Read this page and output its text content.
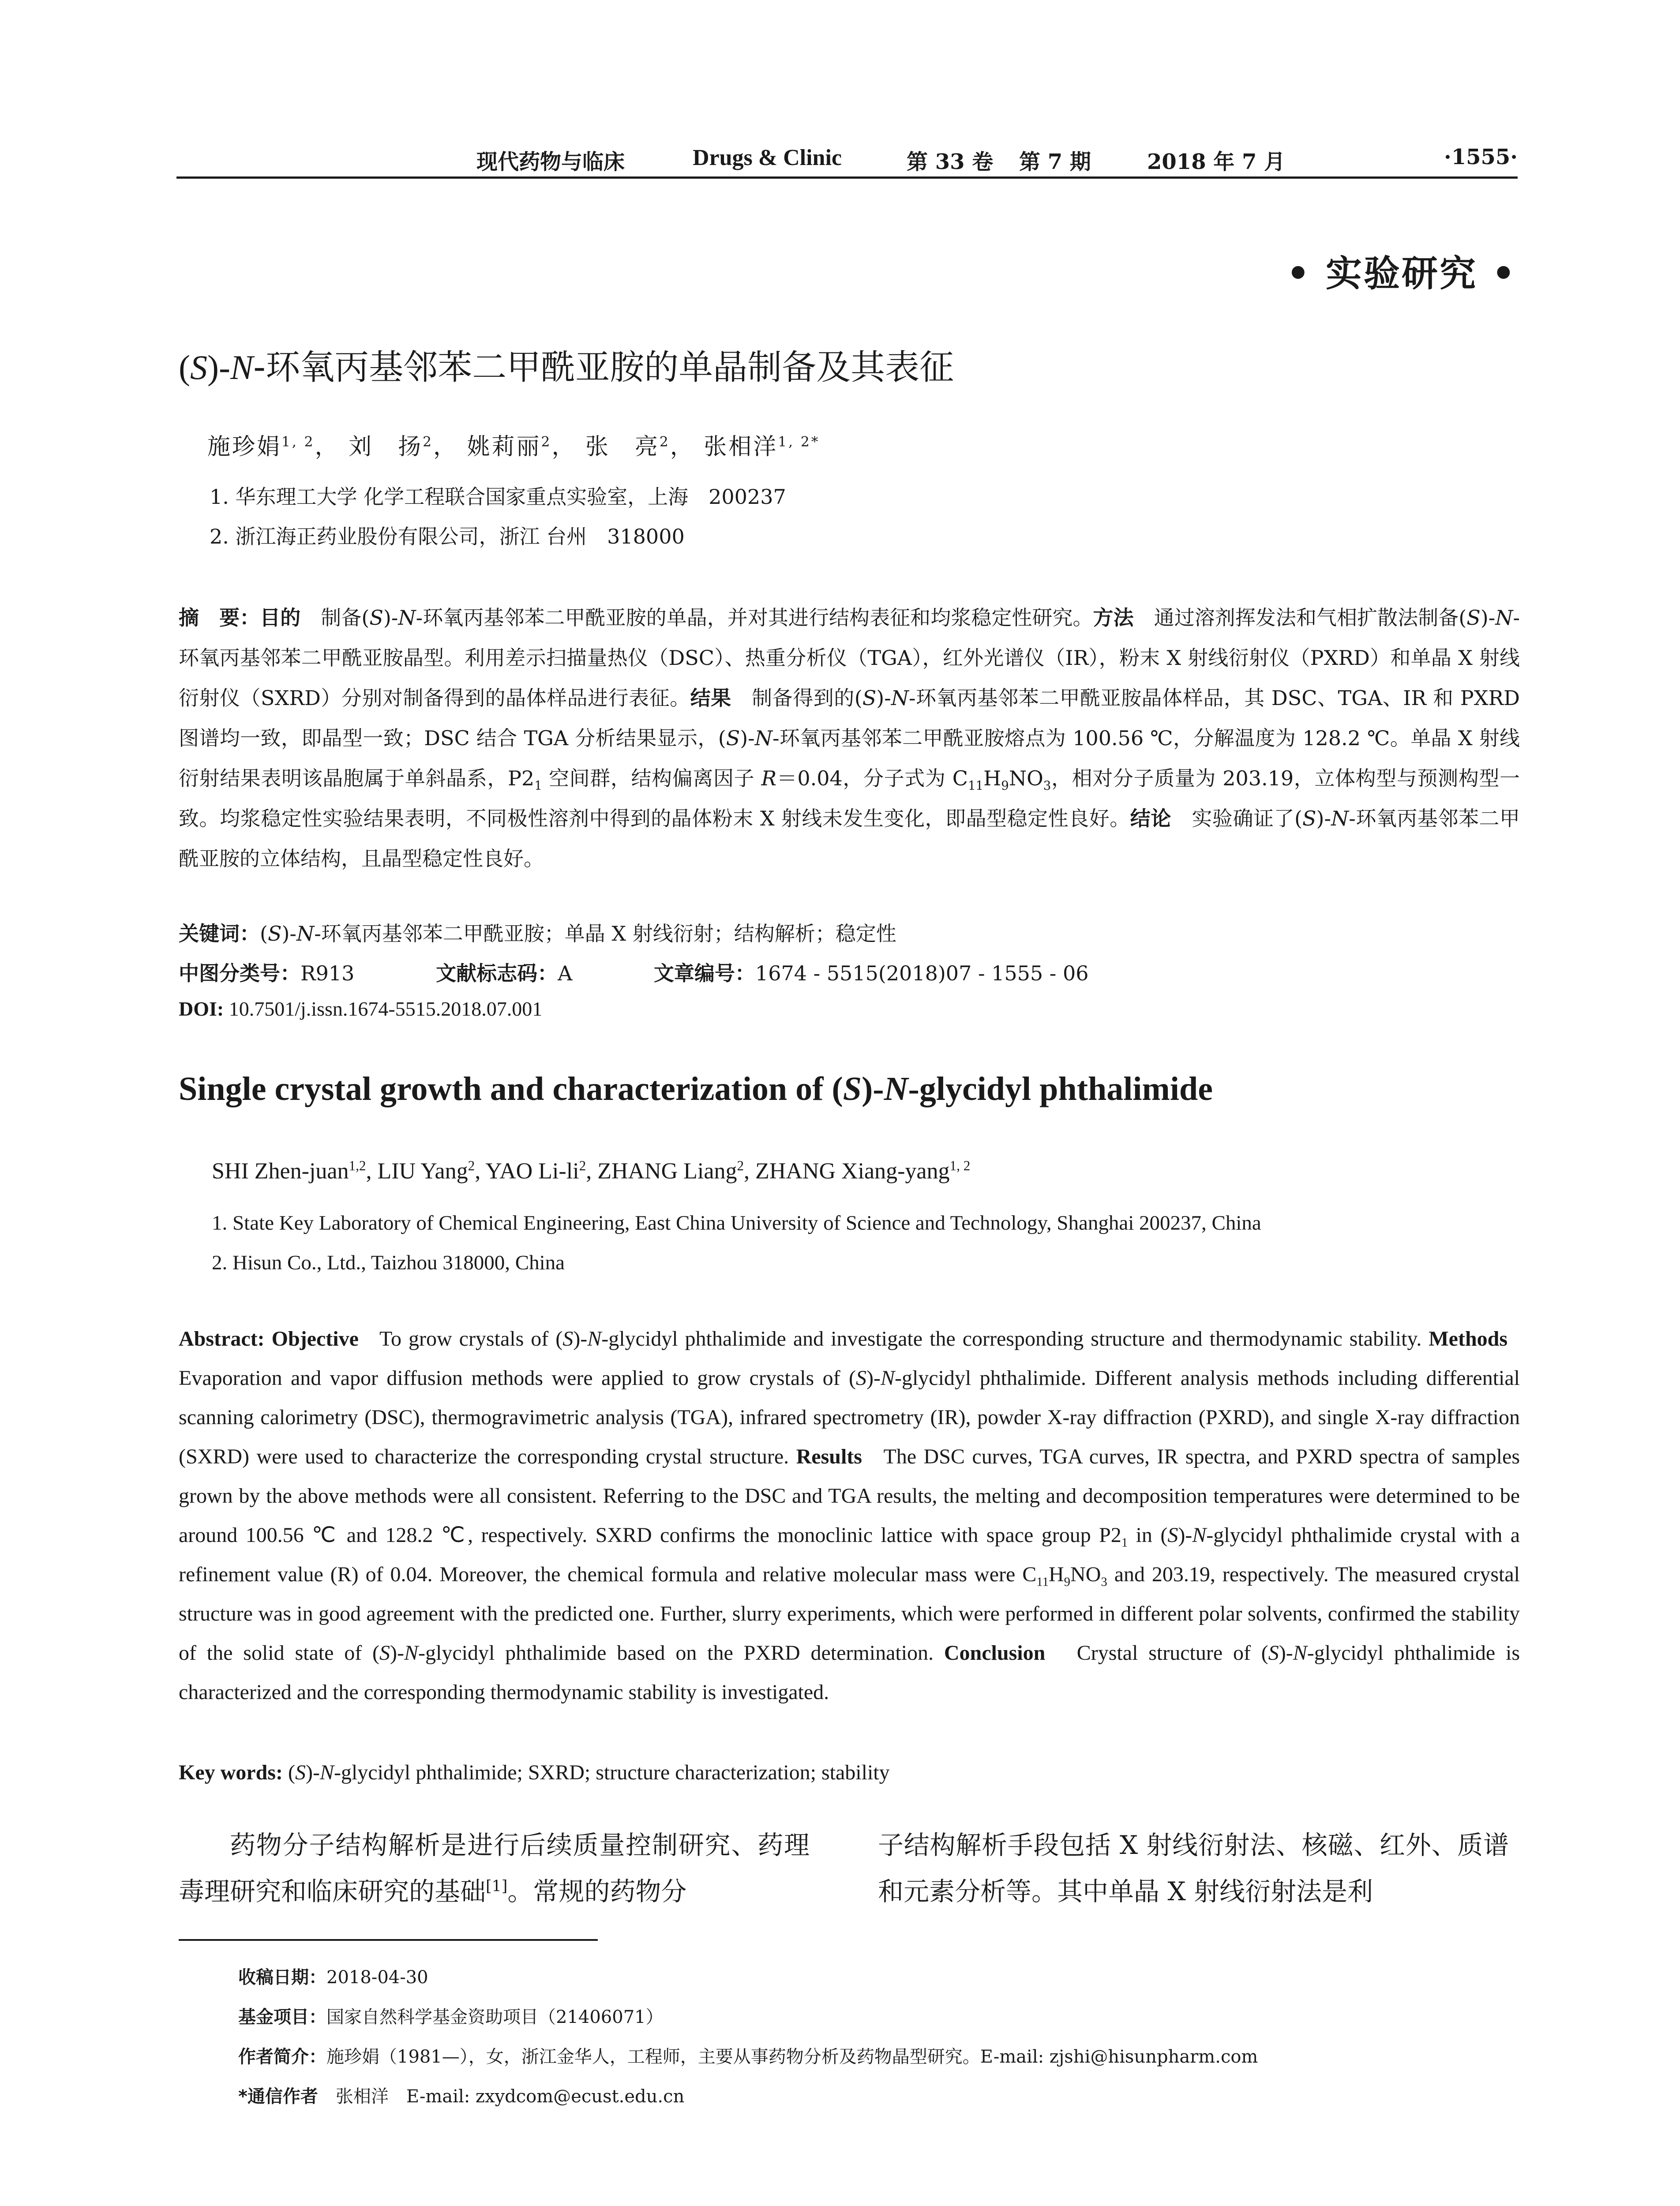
现代药物与临床	Drugs & Clinic	第 33 卷 第 7 期	2018 年 7 月	·1555·
• 实验研究 •
(S)-N-环氧丙基邻苯二甲酰亚胺的单晶制备及其表征
施珍娟$^{1, 2}$， 刘　扬$^2$， 姚莉丽$^2$， 张　亮$^2$， 张相洋$^{1, 2*}$
1. 华东理工大学 化学工程联合国家重点实验室，上海　200237
2. 浙江海正药业股份有限公司，浙江 台州　318000

摘　要：目的　制备(S)-N-环氧丙基邻苯二甲酰亚胺的单晶，并对其进行结构表征和均浆稳定性研究。方法　通过溶剂挥发法和气相扩散法制备(S)-N-环氧丙基邻苯二甲酰亚胺晶型。利用差示扫描量热仪（DSC）、热重分析仪（TGA），红外光谱仪（IR），粉末 X 射线衍射仪（PXRD）和单晶 X 射线衍射仪（SXRD）分别对制备得到的晶体样品进行表征。结果　制备得到的(S)-N-环氧丙基邻苯二甲酰亚胺晶体样品，其 DSC、TGA、IR 和 PXRD 图谱均一致，即晶型一致；DSC 结合 TGA 分析结果显示，(S)-N-环氧丙基邻苯二甲酰亚胺熔点为 100.56 ℃，分解温度为 128.2 ℃。单晶 X 射线衍射结果表明该晶胞属于单斜晶系，$P2_1$ 空间群，结构偏离因子 R＝0.04，分子式为 $C_{11}H_9NO_3$，相对分子质量为 203.19，立体构型与预测构型一致。均浆稳定性实验结果表明，不同极性溶剂中得到的晶体粉末 X 射线未发生变化，即晶型稳定性良好。结论　实验确证了(S)-N-环氧丙基邻苯二甲酰亚胺的立体结构，且晶型稳定性良好。

关键词：(S)-N-环氧丙基邻苯二甲酰亚胺；单晶 X 射线衍射；结构解析；稳定性
中图分类号：R913	文献标志码：A	文章编号：1674 - 5515(2018)07 - 1555 - 06
DOI: 10.7501/j.issn.1674-5515.2018.07.001
Single crystal growth and characterization of (S)-N-glycidyl phthalimide
SHI Zhen-juan$^{1,2}$, LIU Yang$^2$, YAO $Li-li^2$, ZHANG Liang$^2$, ZHANG Xiang-yang$^{1, 2}$
1. State Key Laboratory of Chemical Engineering, East China University of Science and Technology, Shanghai 200237, China
2. Hisun Co., Ltd., Taizhou 318000, China

Abstract: Objective   To grow crystals of (S)-N-glycidyl phthalimide and investigate the corresponding structure and thermodynamic stability. Methods   Evaporation and vapor diffusion methods were applied to grow crystals of (S)-N-glycidyl phthalimide. Different analysis methods including differential scanning calorimetry (DSC), thermogravimetric analysis (TGA), infrared spectrometry (IR), powder X-ray diffraction (PXRD), and single X-ray diffraction (SXRD) were used to characterize the corresponding crystal structure. Results   The DSC curves, TGA curves, IR spectra, and PXRD spectra of samples grown by the above methods were all consistent. Referring to the DSC and TGA results, the melting and decomposition temperatures were determined to be around 100.56 ℃ and 128.2 ℃, respectively. SXRD confirms the monoclinic lattice with space group $P2_1$ in (S)-N-glycidyl phthalimide crystal with a refinement value (R) of 0.04. Moreover, the chemical formula and relative molecular mass were $C_{11}H_9NO_3$ and 203.19, respectively. The measured crystal structure was in good agreement with the predicted one. Further, slurry experiments, which were performed in different polar solvents, confirmed the stability of the solid state of (S)-N-glycidyl phthalimide based on the PXRD determination. Conclusion   Crystal structure of (S)-N-glycidyl phthalimide is characterized and the corresponding thermodynamic stability is investigated.

Key words: (S)-N-glycidyl phthalimide; SXRD; structure characterization; stability
药物分子结构解析是进行后续质量控制研究、药理毒理研究和临床研究的基础[1]。常规的药物分
子结构解析手段包括 X 射线衍射法、核磁、红外、质谱和元素分析等。其中单晶 X 射线衍射法是利
收稿日期：2018-04-30
基金项目：国家自然科学基金资助项目（21406071）
作者简介：施珍娟（1981—），女，浙江金华人，工程师，主要从事药物分析及药物晶型研究。E-mail: zjshi@hisunpharm.com
*通信作者　 张相洋　E-mail: zxydcom@ecust.edu.cn
